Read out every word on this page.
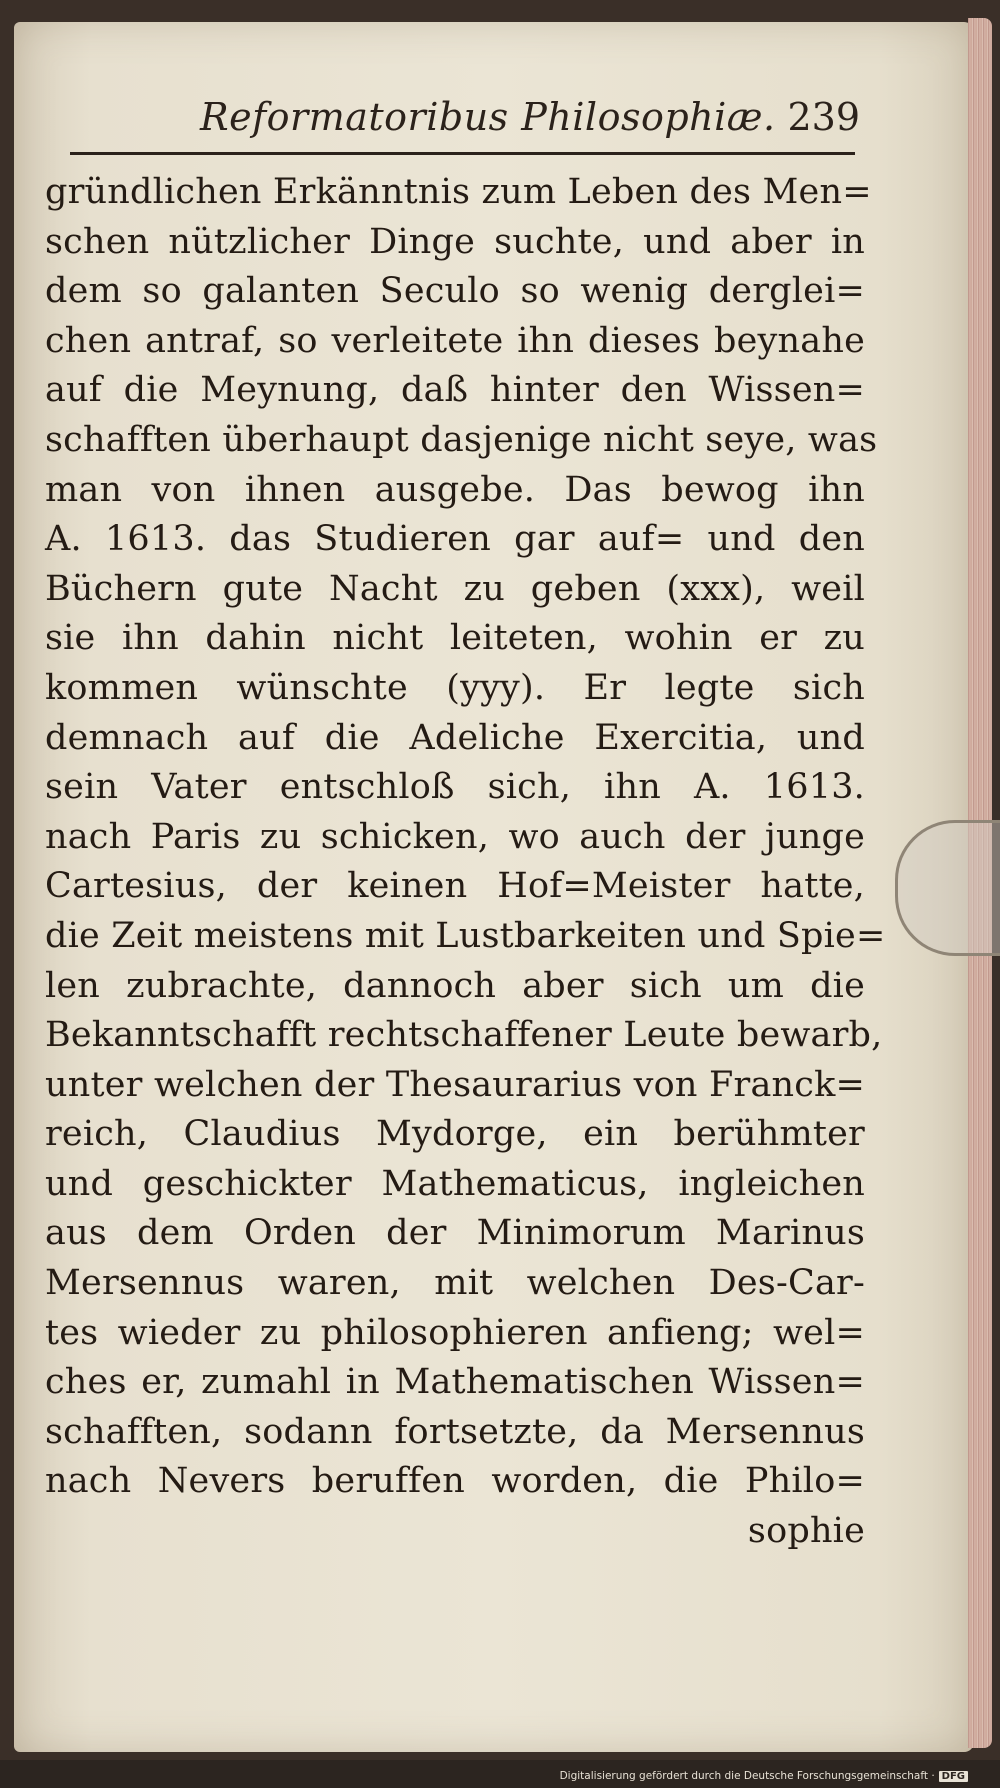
Reformatoribus Philosophiæ. 239
gründlichen Erkänntnis zum Leben des Men=
schen nützlicher Dinge suchte, und aber in
dem so galanten Seculo so wenig derglei=
chen antraf, so verleitete ihn dieses beynahe
auf die Meynung, daß hinter den Wissen=
schafften überhaupt dasjenige nicht seye, was
man von ihnen ausgebe. Das bewog ihn
A. 1613. das Studieren gar auf= und den
Büchern gute Nacht zu geben (xxx), weil
sie ihn dahin nicht leiteten, wohin er zu
kommen wünschte (yyy). Er legte sich
demnach auf die Adeliche Exercitia, und
sein Vater entschloß sich, ihn A. 1613.
nach Paris zu schicken, wo auch der junge
Cartesius, der keinen Hof=Meister hatte,
die Zeit meistens mit Lustbarkeiten und Spie=
len zubrachte, dannoch aber sich um die
Bekanntschafft rechtschaffener Leute bewarb,
unter welchen der Thesaurarius von Franck=
reich, Claudius Mydorge, ein berühmter
und geschickter Mathematicus, ingleichen
aus dem Orden der Minimorum Marinus
Mersennus waren, mit welchen Des-Car-
tes wieder zu philosophieren anfieng; wel=
ches er, zumahl in Mathematischen Wissen=
schafften, sodann fortsetzte, da Mersennus
nach Nevers beruffen worden, die Philo=
sophie
Digitalisierung gefördert durch die Deutsche Forschungsgemeinschaft · DFG
